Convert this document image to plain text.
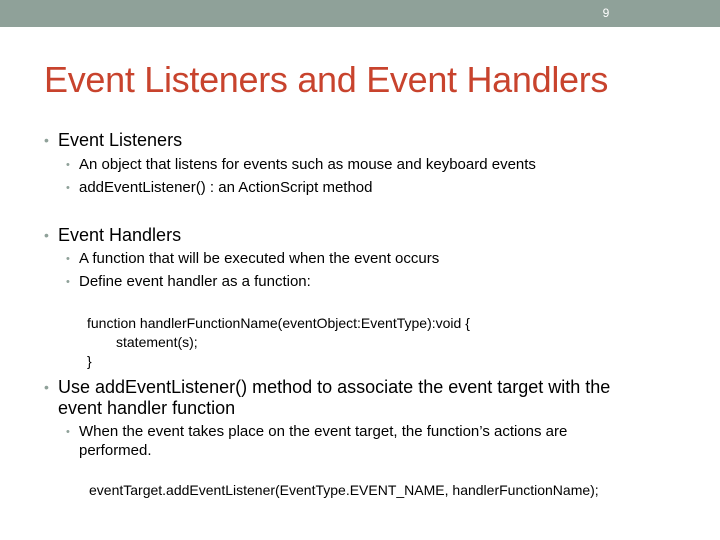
9
Event Listeners and Event Handlers
• Event Listeners
• An object that listens for events such as mouse and keyboard events
• addEventListener() : an ActionScript method
• Event Handlers
• A function that will be executed when the event occurs
• Define event handler as a function:
function handlerFunctionName(eventObject:EventType):void {
statement(s);
}
• Use addEventListener() method to associate the event target with the
event handler function
• When the event takes place on the event target, the function’s actions are
performed.
eventTarget.addEventListener(EventType.EVENT_NAME, handlerFunctionName);
